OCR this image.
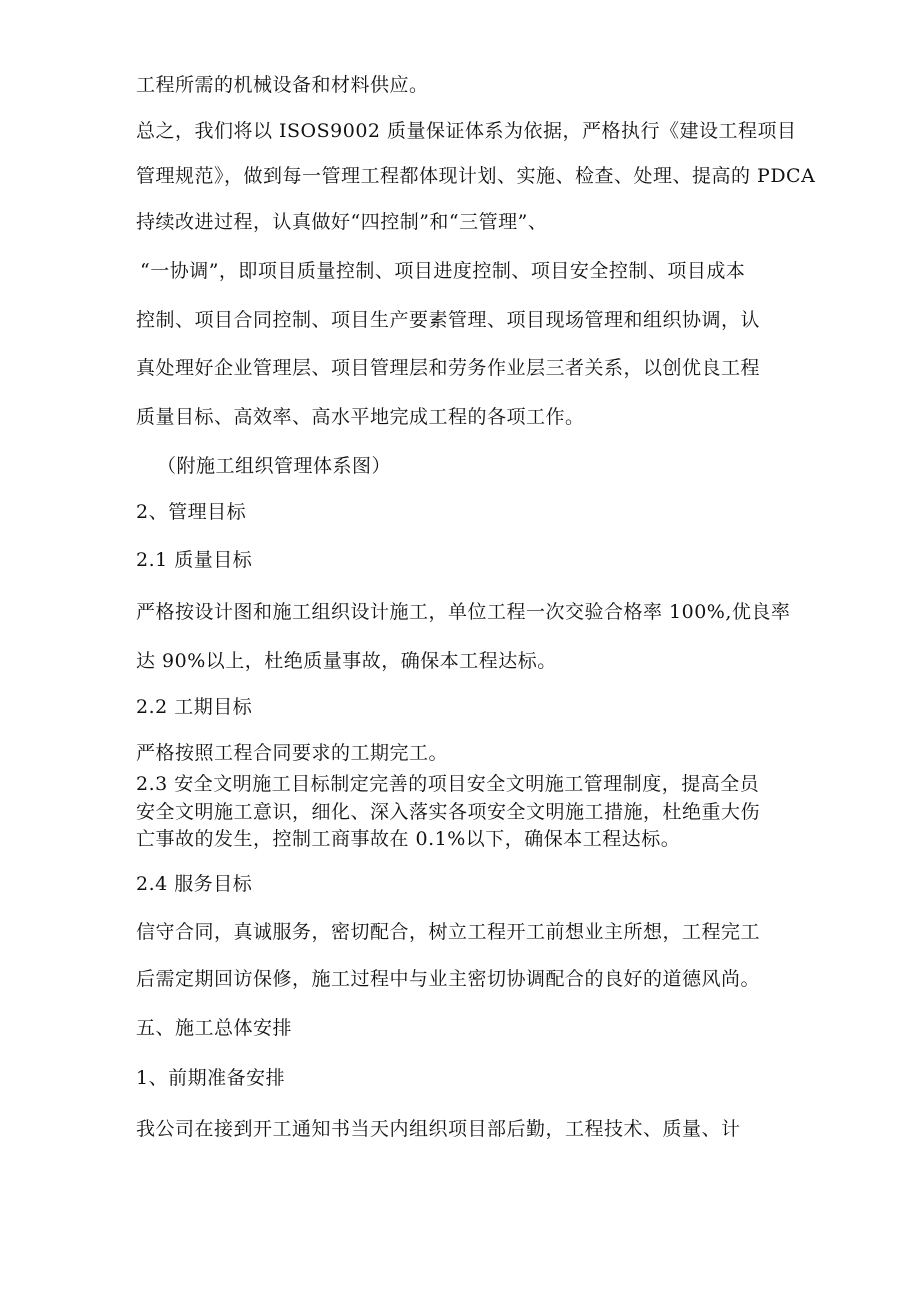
工程所需的机械设备和材料供应。
总之，我们将以 ISOS9002 质量保证体系为依据，严格执行《建设工程项目
管理规范》，做到每一管理工程都体现计划、实施、检查、处理、提高的 PDCA
持续改进过程，认真做好“四控制”和“三管理”、
“一协调”，即项目质量控制、项目进度控制、项目安全控制、项目成本
控制、项目合同控制、项目生产要素管理、项目现场管理和组织协调，认
真处理好企业管理层、项目管理层和劳务作业层三者关系，以创优良工程
质量目标、高效率、高水平地完成工程的各项工作。
（附施工组织管理体系图）
2、管理目标
2.1 质量目标
严格按设计图和施工组织设计施工，单位工程一次交验合格率 100%,优良率
达 90%以上，杜绝质量事故，确保本工程达标。
2.2 工期目标
严格按照工程合同要求的工期完工。
2.3 安全文明施工目标制定完善的项目安全文明施工管理制度，提高全员
安全文明施工意识，细化、深入落实各项安全文明施工措施，杜绝重大伤
亡事故的发生，控制工商事故在 0.1%以下，确保本工程达标。
2.4 服务目标
信守合同，真诚服务，密切配合，树立工程开工前想业主所想，工程完工
后需定期回访保修，施工过程中与业主密切协调配合的良好的道德风尚。
五、施工总体安排
1、前期准备安排
我公司在接到开工通知书当天内组织项目部后勤，工程技术、质量、计
